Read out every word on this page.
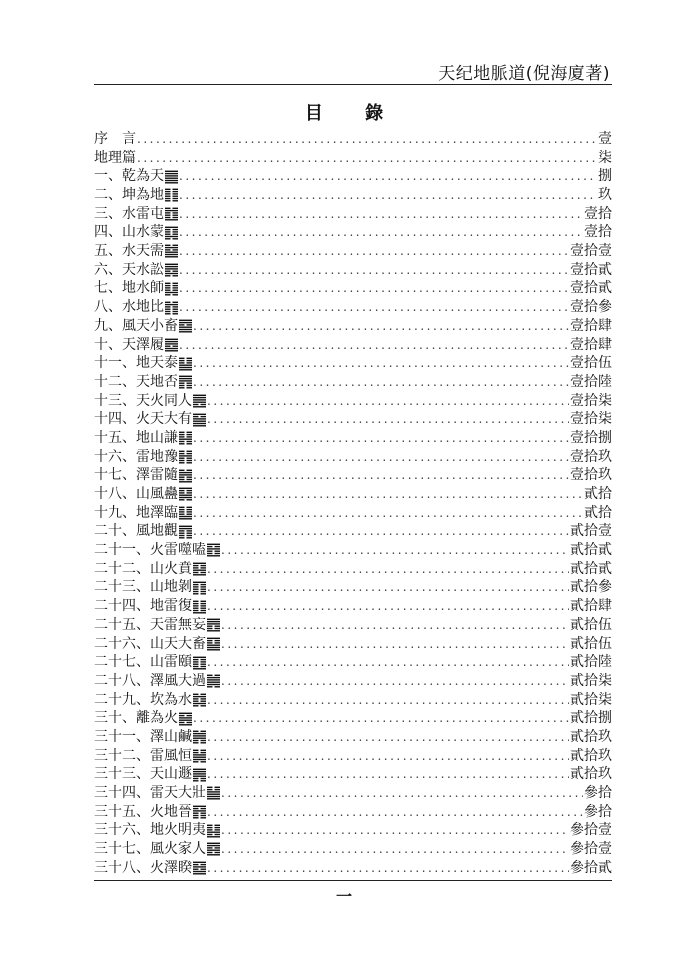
天纪地脈道(倪海廈著)
目 錄
序　言 .....	壹
地理篇 .....	柒
一、 乾為天 .....	捌
二、 坤為地 .....	玖
三、 水雷屯 .....	壹拾
四、 山水蒙 .....	壹拾
五、 水天需 .....	壹拾壹
六、 天水訟 .....	壹拾貳
七、 地水師 .....	壹拾貳
八、 水地比 .....	壹拾參
九、 風天小畜 .....	壹拾肆
十、 天澤履 .....	壹拾肆
十一、 地天泰 .....	壹拾伍
十二、 天地否 .....	壹拾陸
十三、 天火同人 .....	壹拾柒
十四、 火天大有 .....	壹拾柒
十五、 地山謙 .....	壹拾捌
十六、 雷地豫 .....	壹拾玖
十七、 澤雷隨 .....	壹拾玖
十八、 山風蠱 .....	貳拾
十九、 地澤臨 .....	貳拾
二十、 風地觀 .....	貳拾壹
二十一、 火雷噬嗑 .....	貳拾貳
二十二、 山火賁 .....	貳拾貳
二十三、 山地剝 .....	貳拾參
二十四、 地雷復 .....	貳拾肆
二十五、 天雷無妄 .....	貳拾伍
二十六、 山天大畜 .....	貳拾伍
二十七、 山雷頤 .....	貳拾陸
二十八、 澤風大過 .....	貳拾柒
二十九、 坎為水 .....	貳拾柒
三十、 離為火 .....	貳拾捌
三十一、 澤山鹹 .....	貳拾玖
三十二、 雷風恒 .....	貳拾玖
三十三、 天山遯 .....	貳拾玖
三十四、 雷天大壯 .....	參拾
三十五、 火地晉 .....	參拾
三十六、 地火明夷 .....	參拾壹
三十七、 風火家人 .....	參拾壹
三十八、 火澤睽 .....	參拾貳
一
